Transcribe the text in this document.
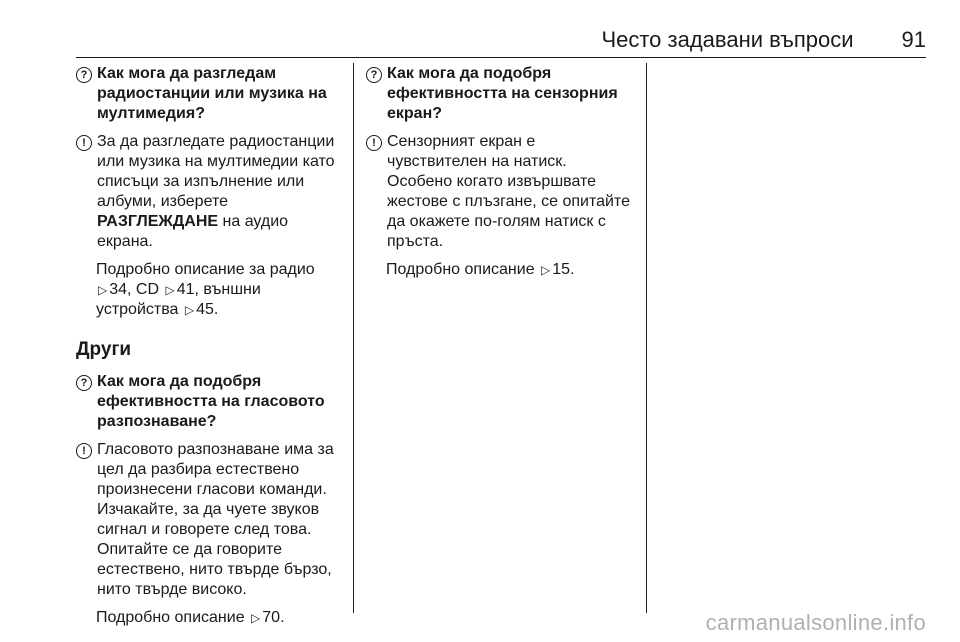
Често задавани въпроси 91
? Как мога да разгледам радиостанции или музика на мултимедия?
! За да разгледате радиостанции или музика на мултимедии като списъци за изпълнение или албуми, изберете РАЗГЛЕЖДАНЕ на аудио екрана.
Подробно описание за радио
▷ 34, CD ▷ 41, външни устройства ▷ 45.
Други
? Как мога да подобря ефективността на гласовото разпознаване?
! Гласовото разпознаване има за цел да разбира естествено произнесени гласови команди. Изчакайте, за да чуете звуков сигнал и говорете след това. Опитайте се да говорите естествено, нито твърде бързо, нито твърде високо.
Подробно описание ▷ 70.
? Как мога да подобря ефективността на сензорния екран?
! Сензорният екран е чувствителен на натиск. Особено когато извършвате жестове с плъзгане, се опитайте да окажете по-голям натиск с пръста.
Подробно описание ▷ 15.
carmanualsonline.info
